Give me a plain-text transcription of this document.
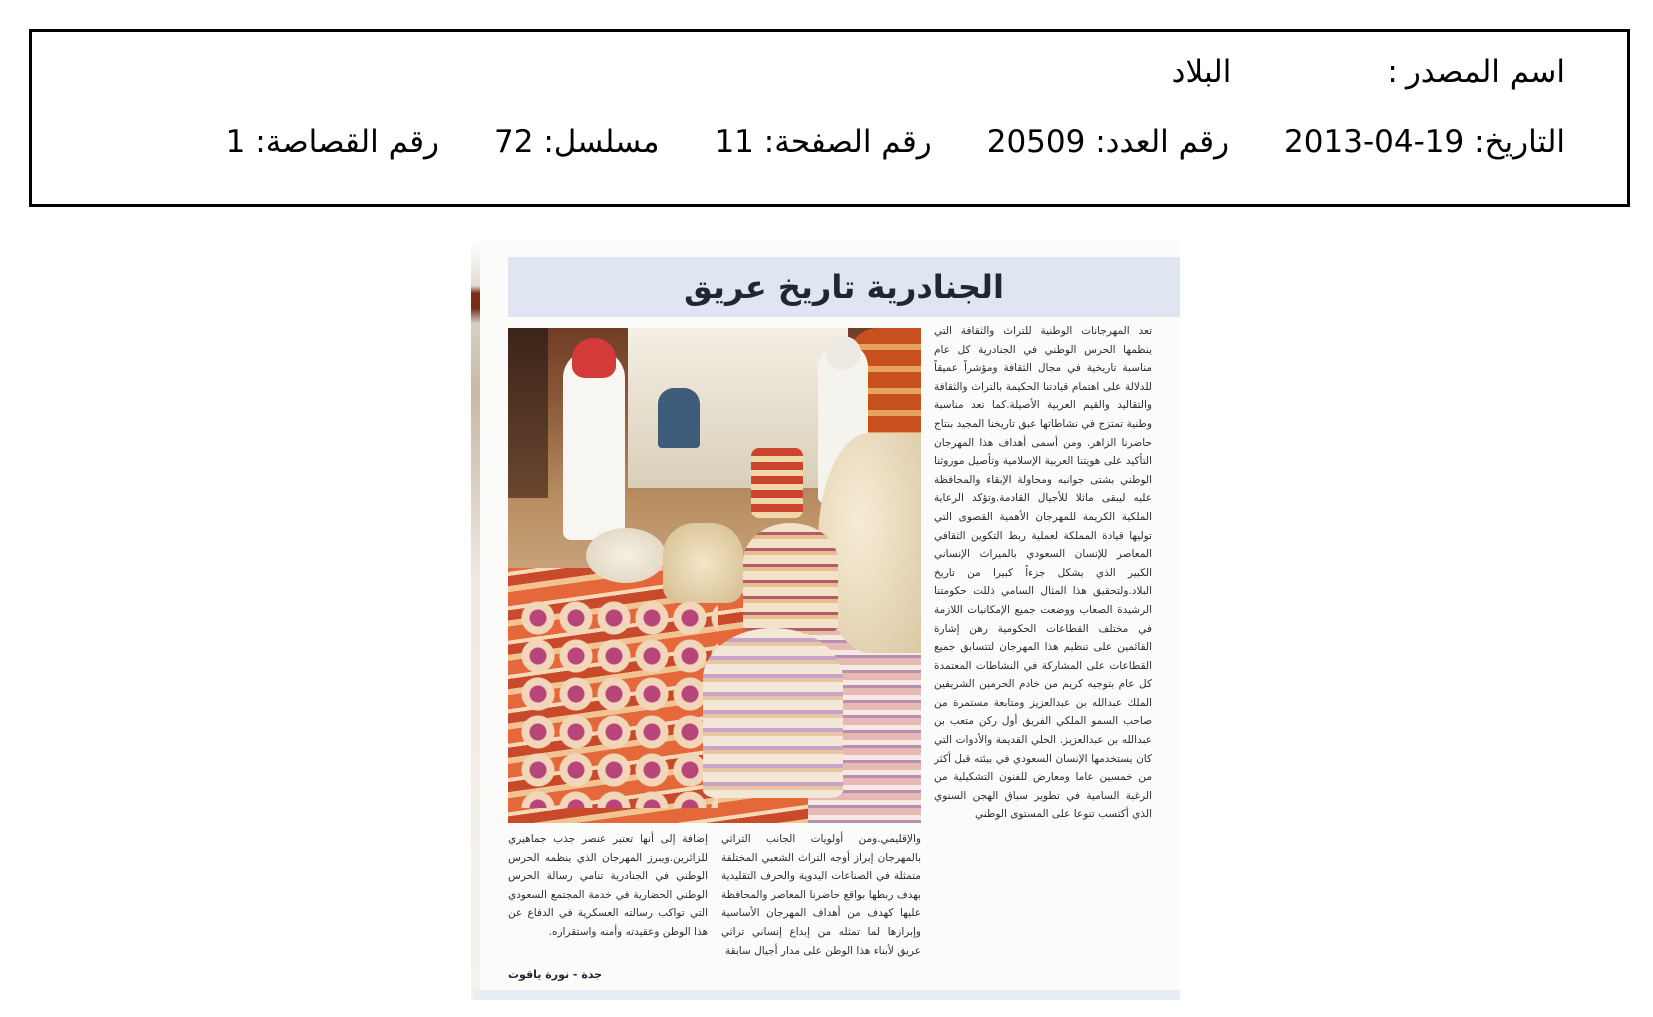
اسم المصدر
:
البلاد
التاريخ
:
2013-04-19
رقم العدد
:
20509
رقم الصفحة
:
11
مسلسل
:
72
رقم القصاصة
:
1
الجنادرية تاريخ عريق

تعد المهرجانات الوطنية للتراث والثقافة التي ينظمها الحرس الوطني في الجنادرية كل عام مناسبة تاريخية في مجال الثقافة ومؤشراً عميقاً للدلالة على اهتمام قيادتنا الحكيمة بالتراث والثقافة والتقاليد والقيم العربية الأصيلة.كما تعد مناسبة وطنية تمتزج في نشاطاتها عبق تاريخنا المجيد بنتاج حاضرنا الزاهر. ومن أسمى أهداف هذا المهرجان التأكيد على هويتنا العربية الإسلامية وتأصيل موروثنا الوطني بشتى جوانبه ومحاولة الإبقاء والمحافظة عليه ليبقى ماثلا للأجيال القادمة.وتؤكد الرعاية الملكية الكريمة للمهرجان الأهمية القصوى التي توليها قيادة المملكة لعملية ربط التكوين الثقافي المعاصر للإنسان السعودي بالميراث الإنساني الكبير الذي يشكل جزءاً كبيرا من تاريخ البلاد.ولتحقيق هذا المثال السامي ذللت حكومتنا الرشيدة الصعاب ووضعت جميع الإمكانيات اللازمة في مختلف القطاعات الحكومية رهن إشارة القائمين على تنظيم هذا المهرجان لتتسابق جميع القطاعات على المشاركة في النشاطات المعتمدة كل عام بتوجيه كريم من خادم الحرمين الشريفين الملك عبدالله بن عبدالعزيز ومتابعة مستمرة من صاحب السمو الملكي الفريق أول ركن متعب بن عبدالله بن عبدالعزيز. الحلي القديمة والأدوات التي كان يستخدمها الإنسان السعودي في بيئته قبل أكثر من خمسين عاما ومعارض للفنون التشكيلية من الرغبة السامية في تطوير سباق الهجن السنوي الذي أكتسب تنوعا على المستوى الوطني

والإقليمي.ومن أولويات الجانب التراثي بالمهرجان إبراز أوجه التراث الشعبي المختلفة متمثلة في الصناعات اليدوية والحرف التقليدية بهدف ربطها بواقع حاضرنا المعاصر والمحافظة عليها كهدف من أهداف المهرجان الأساسية وإبرازها لما تمثله من إبداع إنساني تراثي عريق لأبناء هذا الوطن على مدار أجيال سابقة

إضافة إلى أنها تعتبر عنصر جذب جماهيري للزائرين.ويبرز المهرجان الذي ينظمه الحرس الوطني في الجنادرية تنامي رسالة الحرس الوطني الحضارية في خدمة المجتمع السعودي التي تواكب رسالته العسكرية في الدفاع عن هذا الوطن وعقيدته وأمنه واستقراره.

جدة - نورة ياقوت
